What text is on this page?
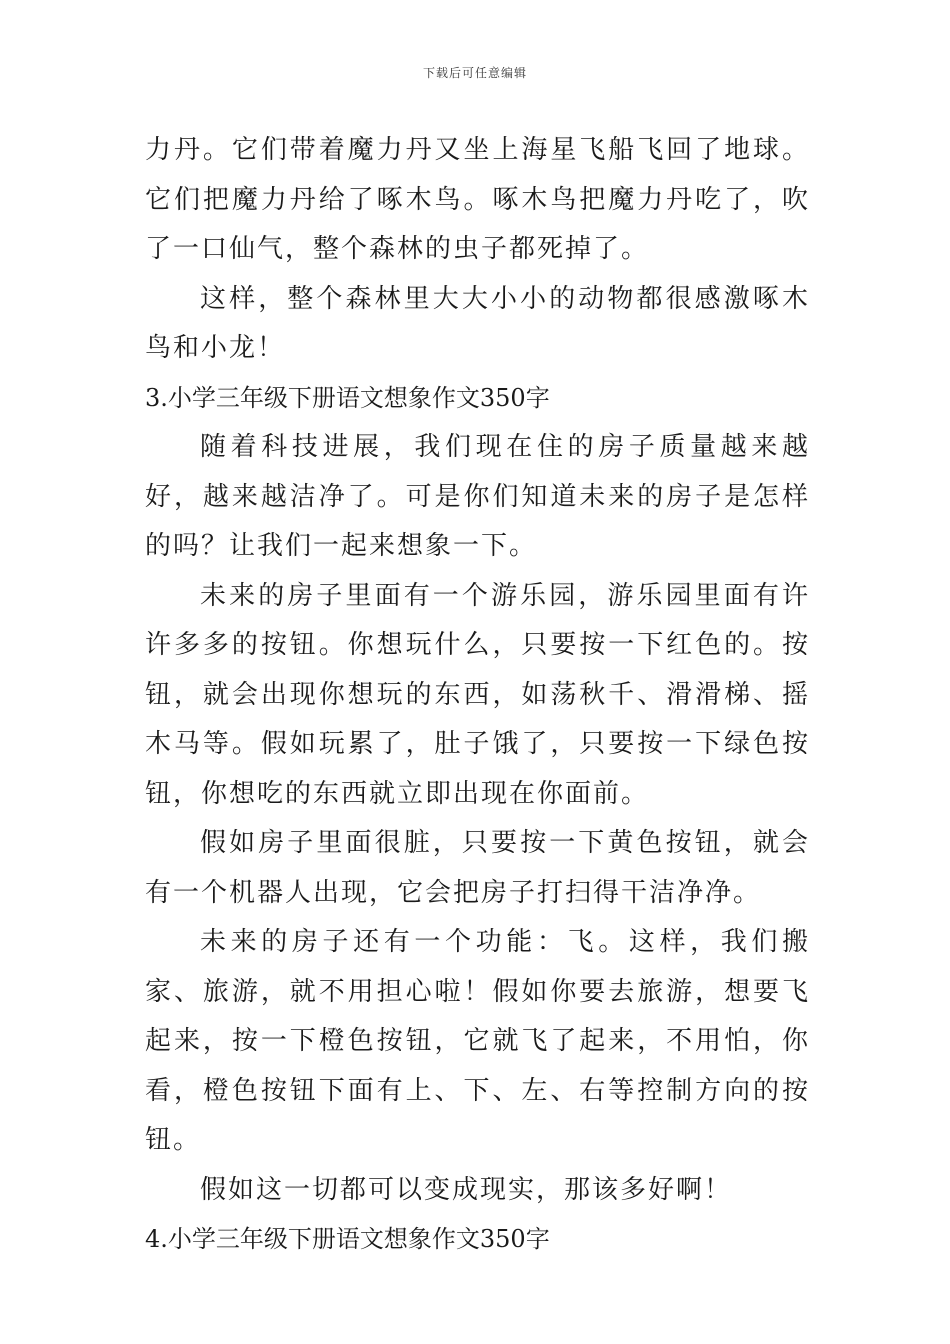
下载后可任意编辑

力丹。它们带着魔力丹又坐上海星飞船飞回了地球。它们把魔力丹给了啄木鸟。啄木鸟把魔力丹吃了，吹了一口仙气，整个森林的虫子都死掉了。

这样，整个森林里大大小小的动物都很感激啄木鸟和小龙！

3.小学三年级下册语文想象作文350字

随着科技进展，我们现在住的房子质量越来越好，越来越洁净了。可是你们知道未来的房子是怎样的吗？让我们一起来想象一下。

未来的房子里面有一个游乐园，游乐园里面有许许多多的按钮。你想玩什么，只要按一下红色的。按钮，就会出现你想玩的东西，如荡秋千、滑滑梯、摇木马等。假如玩累了，肚子饿了，只要按一下绿色按钮，你想吃的东西就立即出现在你面前。

假如房子里面很脏，只要按一下黄色按钮，就会有一个机器人出现，它会把房子打扫得干洁净净。

未来的房子还有一个功能：飞。这样，我们搬家、旅游，就不用担心啦！假如你要去旅游，想要飞起来，按一下橙色按钮，它就飞了起来，不用怕，你看，橙色按钮下面有上、下、左、右等控制方向的按钮。

假如这一切都可以变成现实，那该多好啊！

4.小学三年级下册语文想象作文350字
